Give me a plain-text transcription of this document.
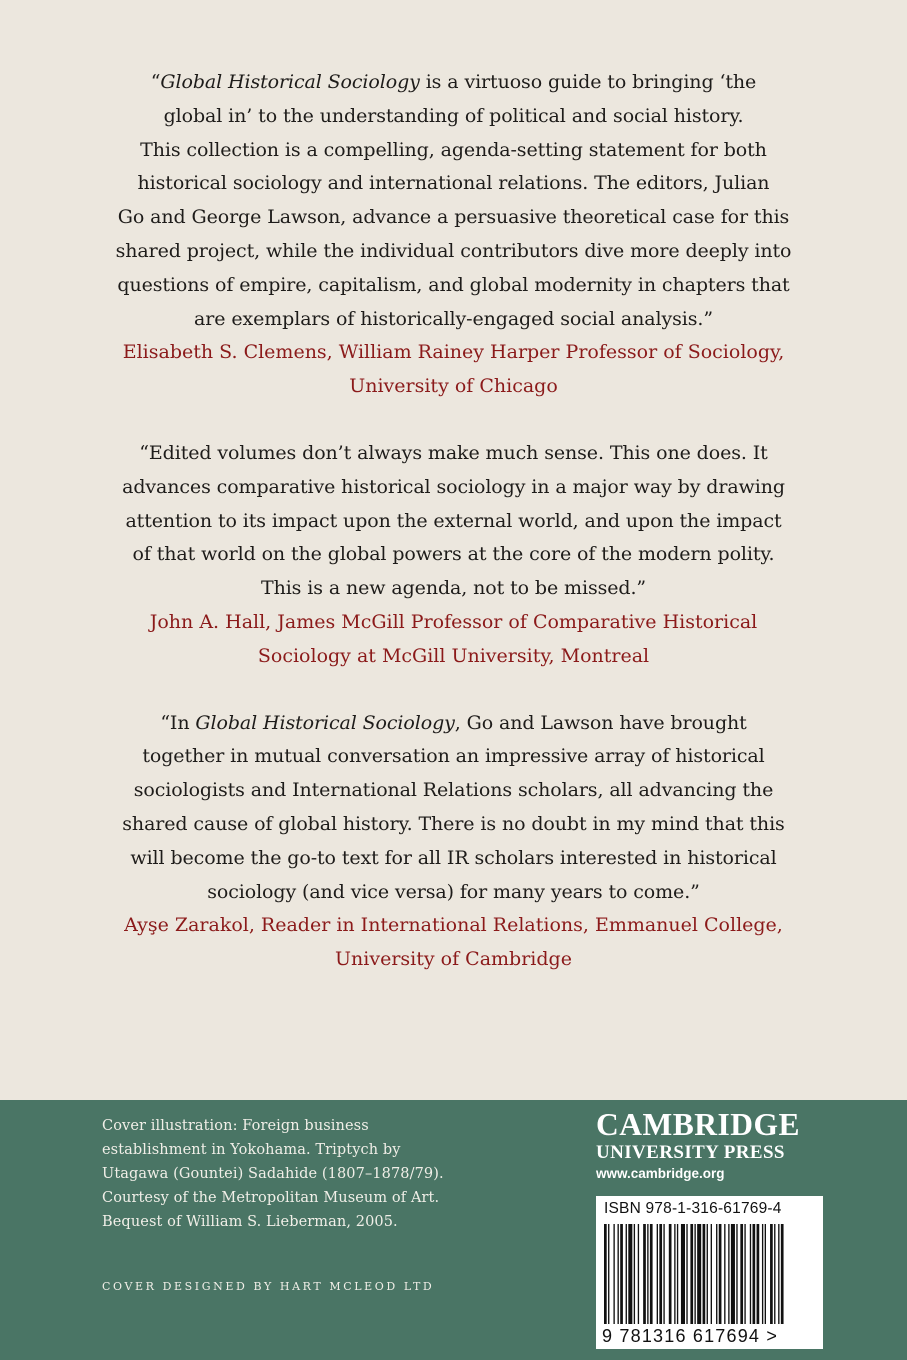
“Global Historical Sociology is a virtuoso guide to bringing ‘the
global in’ to the understanding of political and social history.
This collection is a compelling, agenda-setting statement for both
historical sociology and international relations. The editors, Julian
Go and George Lawson, advance a persuasive theoretical case for this
shared project, while the individual contributors dive more deeply into
questions of empire, capitalism, and global modernity in chapters that
are exemplars of historically-engaged social analysis.”
Elisabeth S. Clemens, William Rainey Harper Professor of Sociology,
University of Chicago
“Edited volumes don’t always make much sense. This one does. It
advances comparative historical sociology in a major way by drawing
attention to its impact upon the external world, and upon the impact
of that world on the global powers at the core of the modern polity.
This is a new agenda, not to be missed.”
John A. Hall, James McGill Professor of Comparative Historical
Sociology at McGill University, Montreal
“In Global Historical Sociology, Go and Lawson have brought
together in mutual conversation an impressive array of historical
sociologists and International Relations scholars, all advancing the
shared cause of global history. There is no doubt in my mind that this
will become the go-to text for all IR scholars interested in historical
sociology (and vice versa) for many years to come.”
Ayşe Zarakol, Reader in International Relations, Emmanuel College,
University of Cambridge
Cover illustration: Foreign business
establishment in Yokohama. Triptych by
Utagawa (Gountei) Sadahide (1807–1878/79).
Courtesy of the Metropolitan Museum of Art.
Bequest of William S. Lieberman, 2005.
COVER DESIGNED BY HART MCLEOD LTD
CAMBRIDGE
UNIVERSITY PRESS
www.cambridge.org
ISBN 978-1-316-61769-4
9 781316 617694 >
